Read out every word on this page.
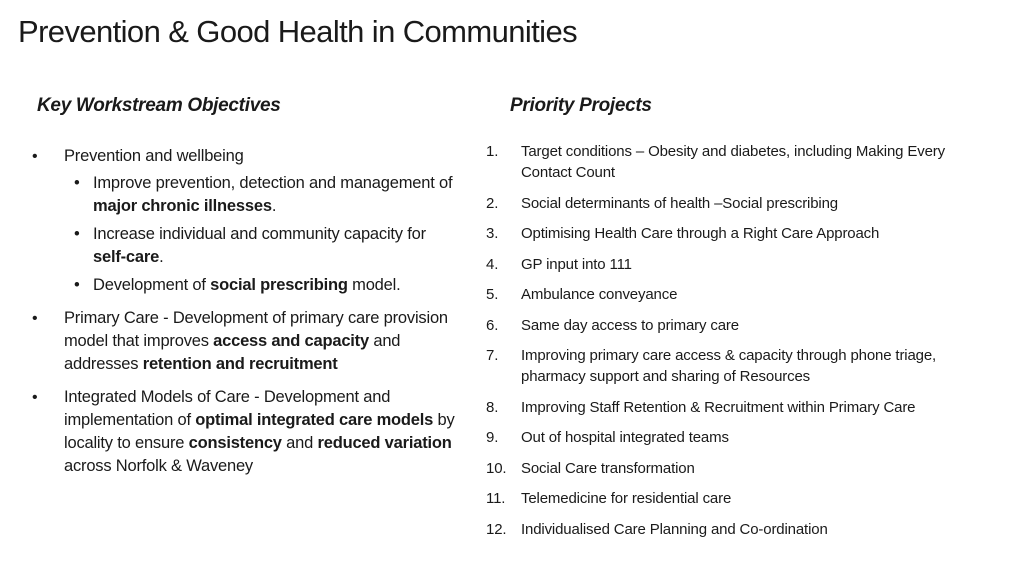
Prevention & Good Health in Communities
Key Workstream Objectives	Priority Projects
• Prevention and wellbeing
• Improve prevention, detection and management of major chronic illnesses.
• Increase individual and community capacity for self-care.
• Development of social prescribing model.
• Primary Care - Development of primary care provision model that improves access and capacity and addresses retention and recruitment
• Integrated Models of Care - Development and implementation of optimal integrated care models by locality to ensure consistency and reduced variation across Norfolk & Waveney
1.	Target conditions – Obesity and diabetes, including Making Every Contact Count
2.	Social determinants of health –Social prescribing
3.	Optimising Health Care through a Right Care Approach
4.	GP input into 111
5.	Ambulance conveyance
6.	Same day access to primary care
7.	Improving primary care access & capacity through phone triage, pharmacy support and sharing of Resources
8.	Improving Staff Retention & Recruitment within Primary Care
9.	Out of hospital integrated teams
10. Social Care transformation
11.	Telemedicine for residential care
12. Individualised Care Planning and Co-ordination
